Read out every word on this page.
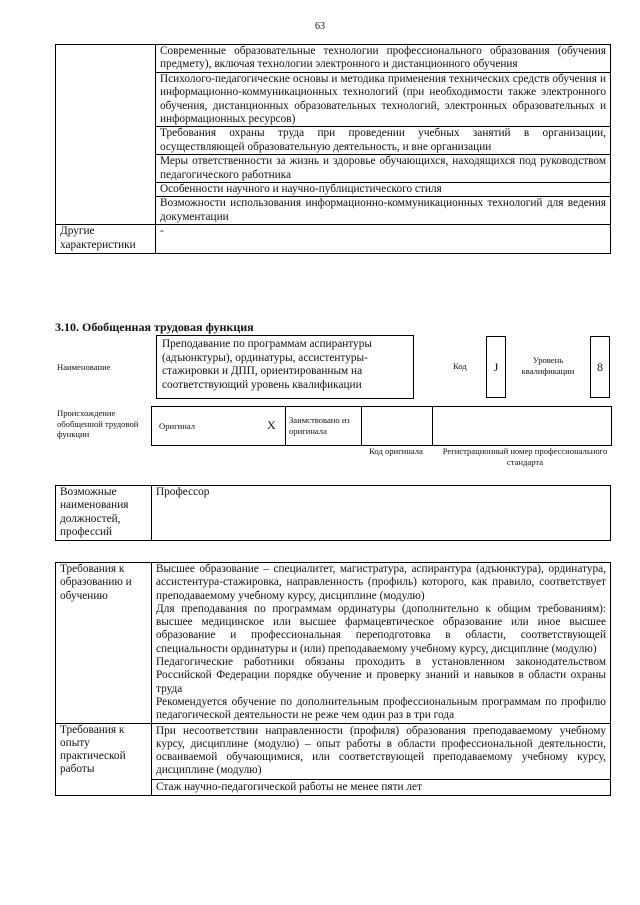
63
	Современные образовательные технологии профессионального образования (обучения предмету), включая технологии электронного и дистанционного обучения
	Психолого-педагогические основы и методика применения технических средств обучения и информационно-коммуникационных технологий (при необходимости также электронного обучения, дистанционных образовательных технологий, электронных образовательных и информационных ресурсов)
	Требования охраны труда при проведении учебных занятий в организации, осуществляющей образовательную деятельность, и вне организации
	Меры ответственности за жизнь и здоровье обучающихся, находящихся под руководством педагогического работника
	Особенности научного и научно-публицистического стиля
	Возможности использования информационно-коммуникационных технологий для ведения документации
Другие характеристики	-
3.10. Обобщенная трудовая функция
Наименование
Преподавание по программам аспирантуры (адъюнктуры), ординатуры, ассистентуры-стажировки и ДПП, ориентированным на соответствующий уровень квалификации
Код	J	Уровень квалификации	8
Происхождение обобщенной трудовой функции
Оригинал	X Заимствовано из оригинала
Код оригинала	Регистрационный номер профессионального стандарта
Возможные наименования должностей, профессий	Профессор
Требования к образованию и обучению	Высшее образование – специалитет, магистратура, аспирантура (адъюнктура), ординатура, ассистентура-стажировка, направленность (профиль) которого, как правило, соответствует преподаваемому учебному курсу, дисциплине (модулю)
Для преподавания по программам ординатуры (дополнительно к общим требованиям): высшее медицинское или высшее фармацевтическое образование или иное высшее образование и профессиональная переподготовка в области, соответствующей специальности ординатуры и (или) преподаваемому учебному курсу, дисциплине (модулю)
Педагогические работники обязаны проходить в установленном законодательством Российской Федерации порядке обучение и проверку знаний и навыков в области охраны труда
Рекомендуется обучение по дополнительным профессиональным программам по профилю педагогической деятельности не реже чем один раз в три года

Требования к опыту практической работы	При несоответствии направленности (профиля) образования преподаваемому учебному курсу, дисциплине (модулю) – опыт работы в области профессиональной деятельности, осваиваемой обучающимися, или соответствующей преподаваемому учебному курсу, дисциплине (модулю)
Стаж научно-педагогической работы не менее пяти лет
